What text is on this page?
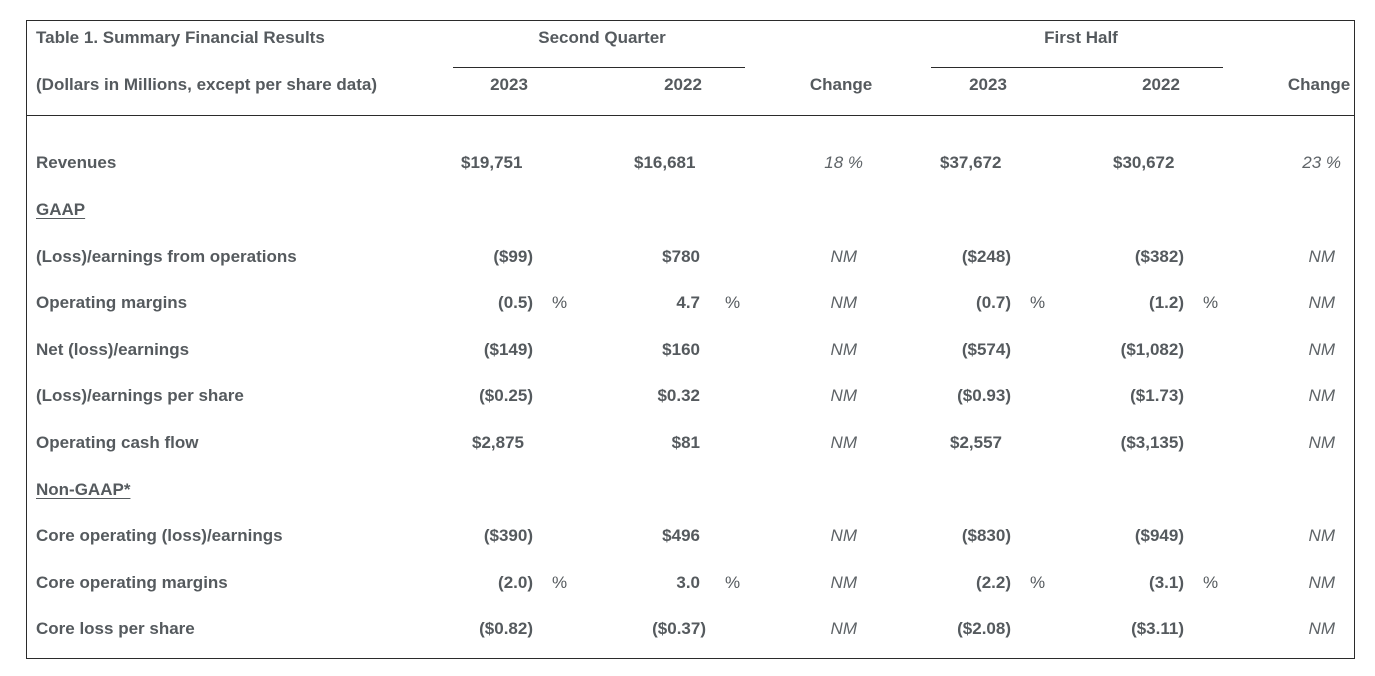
Table 1. Summary Financial Results
(Dollars in Millions, except per share data)
Second Quarter	First Half
2023	2022	Change	2023	2022	Change
Revenues	$19,751	$16,681	18 %	$37,672	$30,672	23 %
GAAP
(Loss)/earnings from operations	($99)	$780	NM	($248)	($382)	NM
Operating margins	(0.5) %	4.7 %	NM	(0.7) %	(1.2) %	NM
Net (loss)/earnings	($149)	$160	NM	($574)	($1,082)	NM
(Loss)/earnings per share	($0.25)	$0.32	NM	($0.93)	($1.73)	NM
Operating cash flow	$2,875	$81	NM	$2,557	($3,135)	NM
Non-GAAP*
Core operating (loss)/earnings	($390)	$496	NM	($830)	($949)	NM
Core operating margins	(2.0) %	3.0 %	NM	(2.2) %	(3.1) %	NM
Core loss per share	($0.82)	($0.37)	NM	($2.08)	($3.11)	NM
